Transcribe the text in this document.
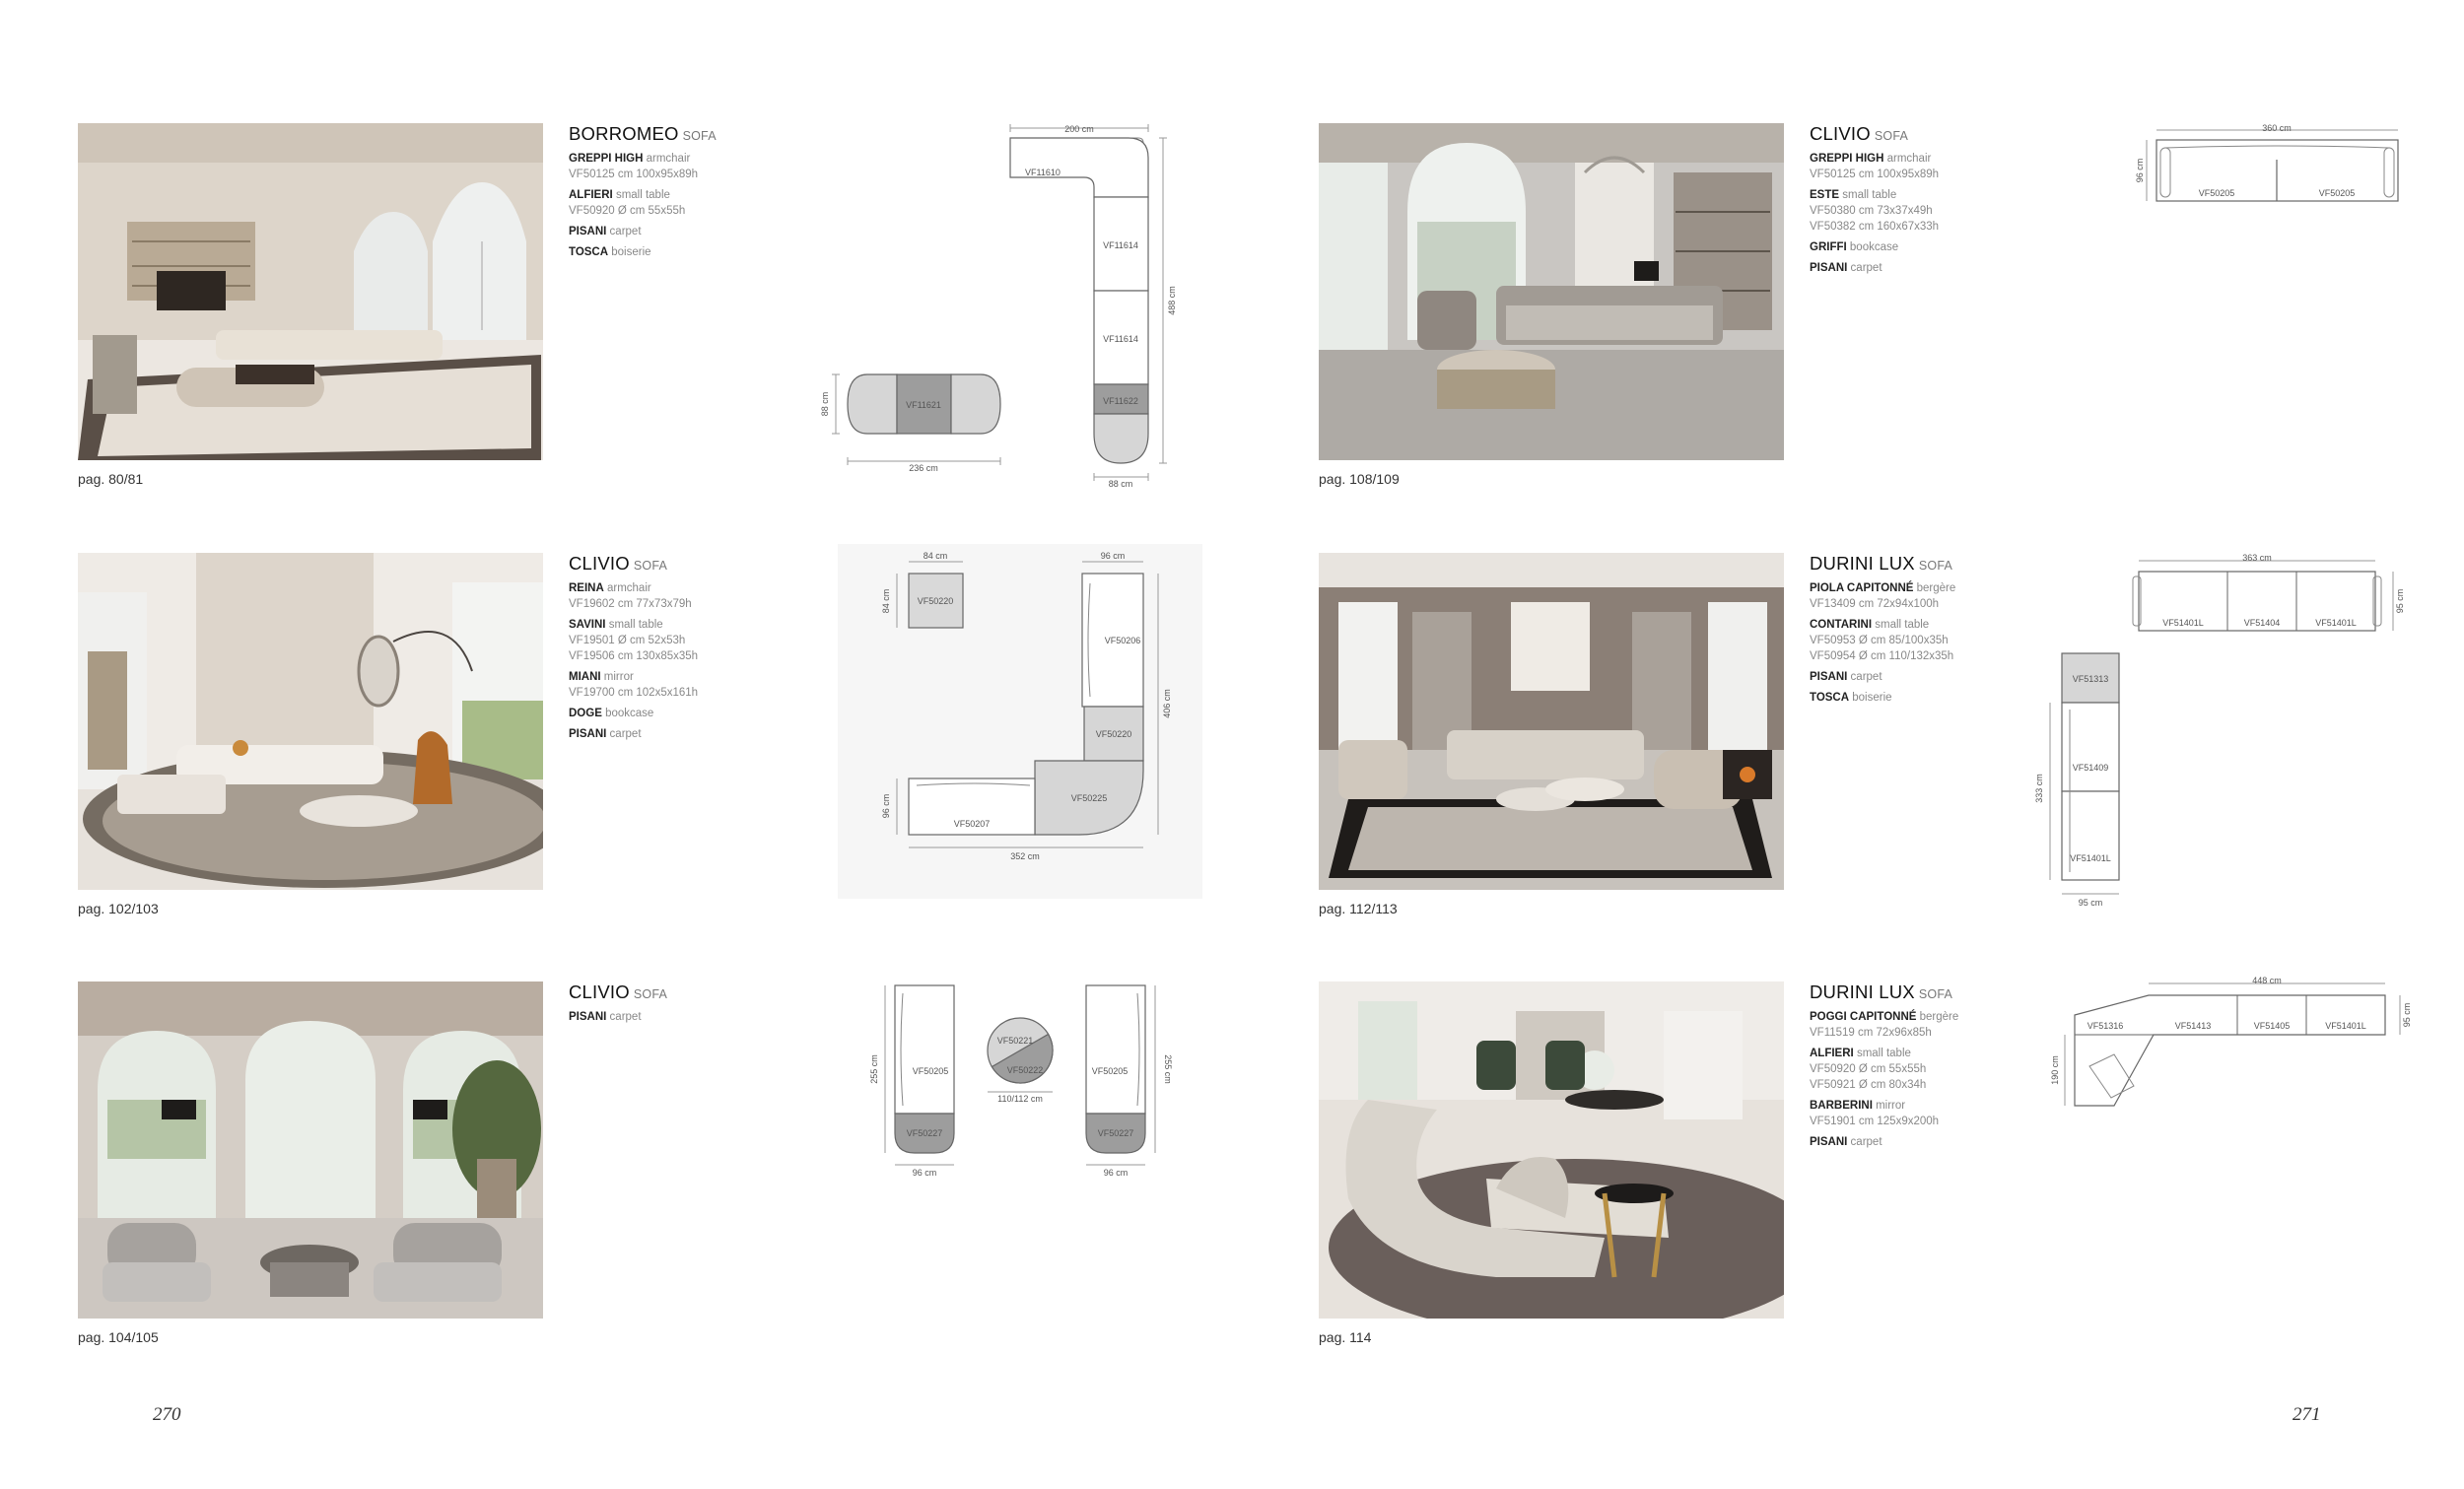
pag. 80/81
pag. 102/103
pag. 104/105
pag. 108/109
pag. 112/113
pag. 114
BORROMEO SOFA
GREPPI HIGH armchair
VF50125 cm 100x95x89h
ALFIERI small table
VF50920 Ø cm 55x55h
PISANI carpet
TOSCA boiserie
CLIVIO SOFA
REINA armchair
VF19602 cm 77x73x79h
SAVINI small table
VF19501 Ø cm 52x53h
VF19506 cm 130x85x35h
MIANI mirror
VF19700 cm 102x5x161h
DOGE bookcase
PISANI carpet
CLIVIO SOFA
PISANI carpet
CLIVIO SOFA
GREPPI HIGH armchair
VF50125 cm 100x95x89h
ESTE small table
VF50380 cm 73x37x49h
VF50382 cm 160x67x33h
GRIFFI bookcase
PISANI carpet
DURINI LUX SOFA
PIOLA CAPITONNÉ bergère
VF13409 cm 72x94x100h
CONTARINI small table
VF50953 Ø cm 85/100x35h
VF50954 Ø cm 110/132x35h
PISANI carpet
TOSCA boiserie
DURINI LUX SOFA
POGGI CAPITONNÉ bergère
VF11519 cm 72x96x85h
ALFIERI small table
VF50920 Ø cm 55x55h
VF50921 Ø cm 80x34h
BARBERINI mirror
VF51901 cm 125x9x200h
PISANI carpet
200 cm
488 cm
88 cm
88 cm
236 cm
VF11610
VF11614
VF11614
VF11622
VF11621
84 cm
84 cm
96 cm
406 cm
96 cm
352 cm
VF50220
VF50206
VF50220
VF50225
VF50207
255 cm	255 cm
96 cm	96 cm
110/112 cm
VF50205
VF50227
VF50221
VF50222	VF50205
VF50227
360 cm
96 cm
VF50205	VF50205
363 cm
95 cm
333 cm
95 cm
VF51401L	VF51404	VF51401L
VF51313
VF51409
VF51401L
448 cm
95 cm
190 cm
VF51316	VF51413	VF51405	VF51401L
270	271
